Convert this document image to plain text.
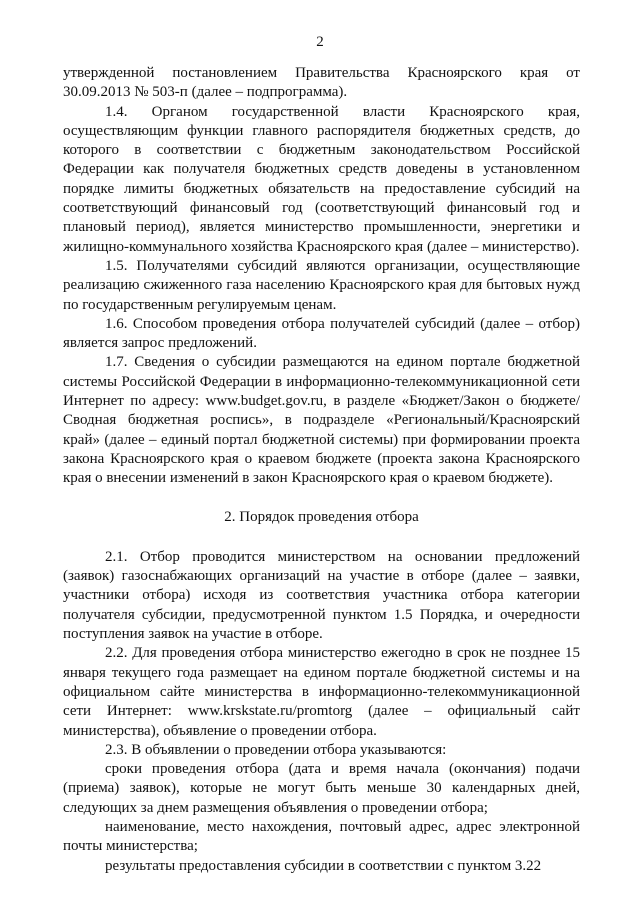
2

утвержденной постановлением Правительства Красноярского края от 30.09.2013 № 503-п (далее – подпрограмма).

1.4. Органом государственной власти Красноярского края, осуществляющим функции главного распорядителя бюджетных средств, до которого в соответствии с бюджетным законодательством Российской Федерации как получателя бюджетных средств доведены в установленном порядке лимиты бюджетных обязательств на предоставление субсидий на соответствующий финансовый год (соответствующий финансовый год и плановый период), является министерство промышленности, энергетики и жилищно-коммунального хозяйства Красноярского края (далее – министерство).

1.5. Получателями субсидий являются организации, осуществляющие реализацию сжиженного газа населению Красноярского края для бытовых нужд по государственным регулируемым ценам.

1.6. Способом проведения отбора получателей субсидий (далее – отбор) является запрос предложений.

1.7. Сведения о субсидии размещаются на едином портале бюджетной системы Российской Федерации в информационно-телекоммуникационной сети Интернет по адресу: www.budget.gov.ru, в разделе «Бюджет/Закон о бюджете/Сводная бюджетная роспись», в подразделе «Региональный/Красноярский край» (далее – единый портал бюджетной системы) при формировании проекта закона Красноярского края о краевом бюджете (проекта закона Красноярского края о внесении изменений в закон Красноярского края о краевом бюджете).

2. Порядок проведения отбора

2.1. Отбор проводится министерством на основании предложений (заявок) газоснабжающих организаций на участие в отборе (далее – заявки, участники отбора) исходя из соответствия участника отбора категории получателя субсидии, предусмотренной пунктом 1.5 Порядка, и очередности поступления заявок на участие в отборе.

2.2. Для проведения отбора министерство ежегодно в срок не позднее 15 января текущего года размещает на едином портале бюджетной системы и на официальном сайте министерства в информационно-телекоммуникационной сети Интернет: www.krskstate.ru/promtorg (далее – официальный сайт министерства), объявление о проведении отбора.

2.3. В объявлении о проведении отбора указываются:

сроки проведения отбора (дата и время начала (окончания) подачи (приема) заявок), которые не могут быть меньше 30 календарных дней, следующих за днем размещения объявления о проведении отбора;

наименование, место нахождения, почтовый адрес, адрес электронной почты министерства;

результаты предоставления субсидии в соответствии с пунктом 3.22
